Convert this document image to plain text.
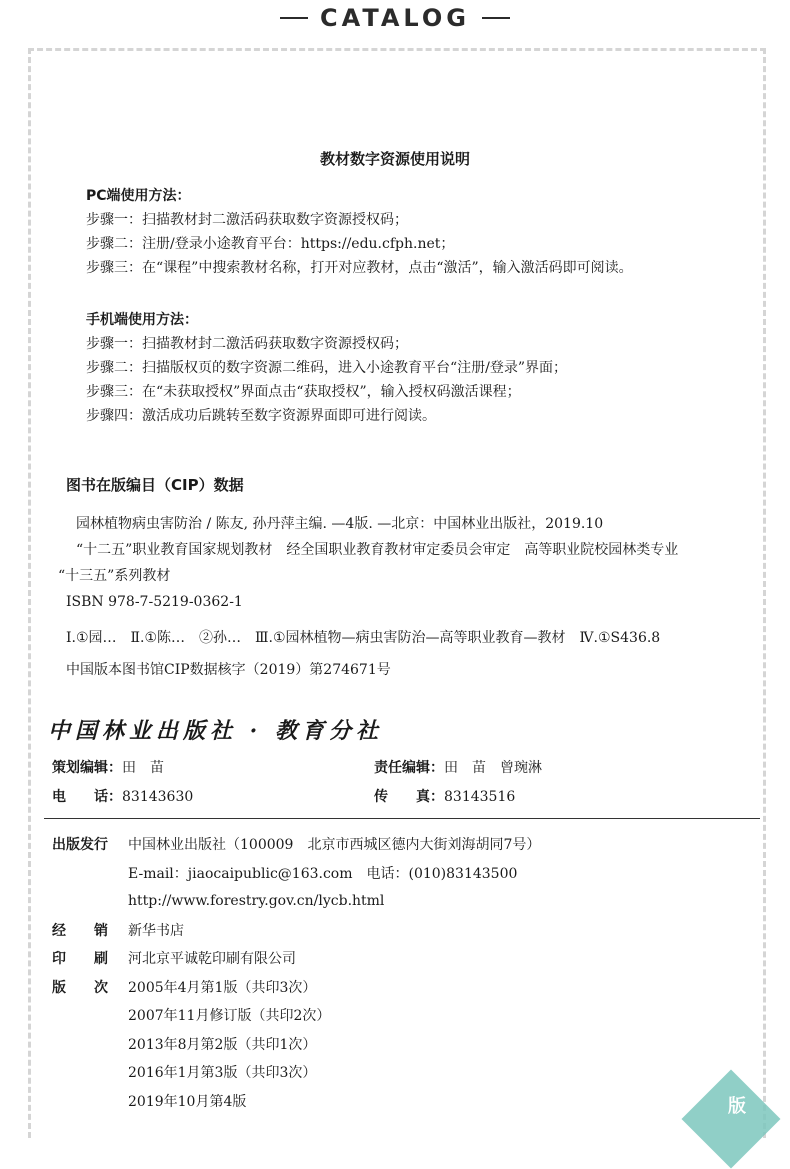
CATALOG
教材数字资源使用说明
PC端使用方法：
步骤一：扫描教材封二激活码获取数字资源授权码；
步骤二：注册/登录小途教育平台：https://edu.cfph.net；
步骤三：在“课程”中搜索教材名称，打开对应教材，点击“激活”，输入激活码即可阅读。
手机端使用方法：
步骤一：扫描教材封二激活码获取数字资源授权码；
步骤二：扫描版权页的数字资源二维码，进入小途教育平台“注册/登录”界面；
步骤三：在“未获取授权”界面点击“获取授权”，输入授权码激活课程；
步骤四：激活成功后跳转至数字资源界面即可进行阅读。
图书在版编目（CIP）数据
园林植物病虫害防治 / 陈友, 孙丹萍主编. —4版. —北京：中国林业出版社，2019.10
“十二五”职业教育国家规划教材　经全国职业教育教材审定委员会审定　高等职业院校园林类专业
“十三五”系列教材
ISBN 978-7-5219-0362-1
Ⅰ.①园…　Ⅱ.①陈…　②孙…　Ⅲ.①园林植物—病虫害防治—高等职业教育—教材　Ⅳ.①S436.8
中国版本图书馆CIP数据核字（2019）第274671号
中国林业出版社 · 教育分社
策划编辑：田　苗	责任编辑：田　苗　曾琬淋
电　　话：83143630	传　　真：83143516
出版发行	中国林业出版社（100009　北京市西城区德内大街刘海胡同7号）
E-mail：jiaocaipublic@163.com　电话：(010)83143500
http://www.forestry.gov.cn/lycb.html
经　　销	新华书店
印　　刷	河北京平诚乾印刷有限公司
版　　次	2005年4月第1版（共印3次）
2007年11月修订版（共印2次）
2013年8月第2版（共印1次）
2016年1月第3版（共印3次）
2019年10月第4版	版
